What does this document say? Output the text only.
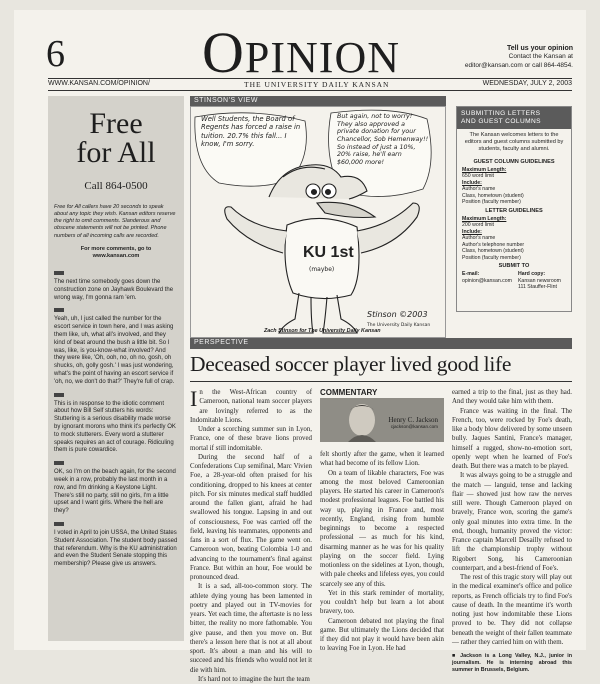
6 OPINION	Tell us your opinion
Contact the Kansan at
editor@kansan.com or call 864-4854.
WWW.KANSAN.COM/OPINION/	THE UNIVERSITY DAILY KANSAN	WEDNESDAY, JULY 2, 2003
Free
for All
Call 864-0500
Free for All callers have 20 seconds to speak about any topic they wish. Kansan editors reserve the right to omit comments. Slanderous and obscene statements will not be printed. Phone numbers of all incoming calls are recorded.
For more comments, go to
www.kansan.com
The next time somebody goes down the construction zone on Jayhawk Boulevard the wrong way, I'm gonna ram 'em.
Yeah, uh, I just called the number for the escort service in town here, and I was asking them like, uh, what all's involved, and they kind of beat around the bush a little bit. So I was, like, is you-know-what involved? And they were like, 'Oh, ooh, no, oh no, gosh, oh shucks, oh, golly gosh.' I was just wondering, what's the point of having an escort service if 'oh, no, we don't do that?' They're full of crap.
This is in response to the idiotic comment about how Bill Self stutters his words: Stuttering is a serious disability made worse by ignorant morons who think it's perfectly OK to mock stutterers. Every word a stutterer speaks requires an act of courage. Ridiculing them is pure cowardice.
OK, so I'm on the beach again, for the second week in a row, probably the last month in a row, and I'm drinking a Keystone Light. There's still no party, still no girls, I'm a little upset and I want girls. Where the hell are they?
I voted in April to join USSA, the United States Student Association. The student body passed that referendum. Why is the KU administration and even the Student Senate stopping this membership? Please give us answers.
STINSON'S VIEW
Well Students, the Board of Regents has forced a raise in tuition. 20.7% this fall... I know, I'm sorry.
But again, not to worry! They also approved a private donation for your Chancellor, Sob Hemenway!! So instead of just a 10%, 20% raise, he'll earn $60,000 more!
KU 1st
(maybe)
Stinson ©2003
The University Daily Kansan
Zach Stinson for The University Daily Kansan
SUBMITTING LETTERS
AND GUEST COLUMNS
The Kansan welcomes letters to the editors and guest columns submitted by students, faculty and alumni.
GUEST COLUMN GUIDELINES
Maximum Length:
650 word limit
Include:
Author's name
Class, hometown (student)
Position (faculty member)
LETTER GUIDELINES
Maximum Length:
200 word limit
Include:
Author's name
Author's telephone number
Class, hometown (student)
Position (faculty member)
SUBMIT TO
E-mail:
opinion@kansan.com
Hard copy:
Kansan newsroom
111 Stauffer-Flint
PERSPECTIVE
Deceased soccer player lived good life

In the West-African country of Cameroon, national team soccer players are lovingly referred to as the Indomitable Lions.

Under a scorching summer sun in Lyon, France, one of these brave lions proved mortal if still indomitable.

During the second half of a Confederations Cup semifinal, Marc Vivien Foe, a 28-year-old often praised for his conditioning, dropped to his knees at center pitch. For six minutes medical staff huddled around the fallen giant, afraid he had swallowed his tongue. Lapsing in and out of consciousness, Foe was carried off the field, leaving his teammates, opponents and fans in a sort of flux. The game went on. Cameroon won, beating Colombia 1-0 and advancing to the tournament's final against France. But within an hour, Foe would be pronounced dead.

It is a sad, all-too-common story. The athlete dying young has been lamented in poetry and played out in TV-movies for years. Yet each time, the aftertaste is no less bitter, the reality no more fathomable. You give pause, and then you move on. But there's a lesson here that is not at all about sport. It's about a man and his will to succeed and his friends who would not let it die with him.

It's hard not to imagine the hurt the team

COMMENTARY
Henry C. Jackson
cjackson@kansan.com

felt shortly after the game, when it learned what had become of its fellow Lion.

On a team of likable characters, Foe was among the most beloved Cameroonian players. He started his career in Cameroon's modest professional leagues. Foe battled his way up, playing in France and, most recently, England, rising from humble beginnings to become a respected professional — as much for his kind, disarming manner as he was for his quality playing on the soccer field. Lying motionless on the sidelines at Lyon, though, with pale cheeks and lifeless eyes, you could scarcely see any of this.

Yet in this stark reminder of mortality, you couldn't help but learn a lot about bravery, too.

Cameroon debated not playing the final game. But ultimately the Lions decided that if they did not play it would have been akin to leaving Foe in Lyon. He had

earned a trip to the final, just as they had. And they would take him with them.

France was waiting in the final. The French, too, were rocked by Foe's death, like a body blow delivered by some unseen bully. Jaques Santini, France's manager, himself a rugged, show-no-emotion sort, openly wept when he learned of Foe's death. But there was a match to be played.

It was always going to be a struggle and the match — languid, tense and lacking flair — showed just how raw the nerves still were. Though Cameroon played on bravely, France won, scoring the game's only goal minutes into extra time. In the end, though, humanity proved the victor: France captain Marcell Desailly refused to lift the championship trophy without Rigobert Song, his Cameroonian counterpart, and a best-friend of Foe's.

The rest of this tragic story will play out in the medical examiner's office and police reports, as French officials try to find Foe's cause of death. In the meantime it's worth noting just how indomitable these Lions proved to be. They did not collapse beneath the weight of their fallen teammate — rather they carried him on with them.

■ Jackson is a Long Valley, N.J., junior in journalism. He is interning abroad this summer in Brussels, Belgium.
